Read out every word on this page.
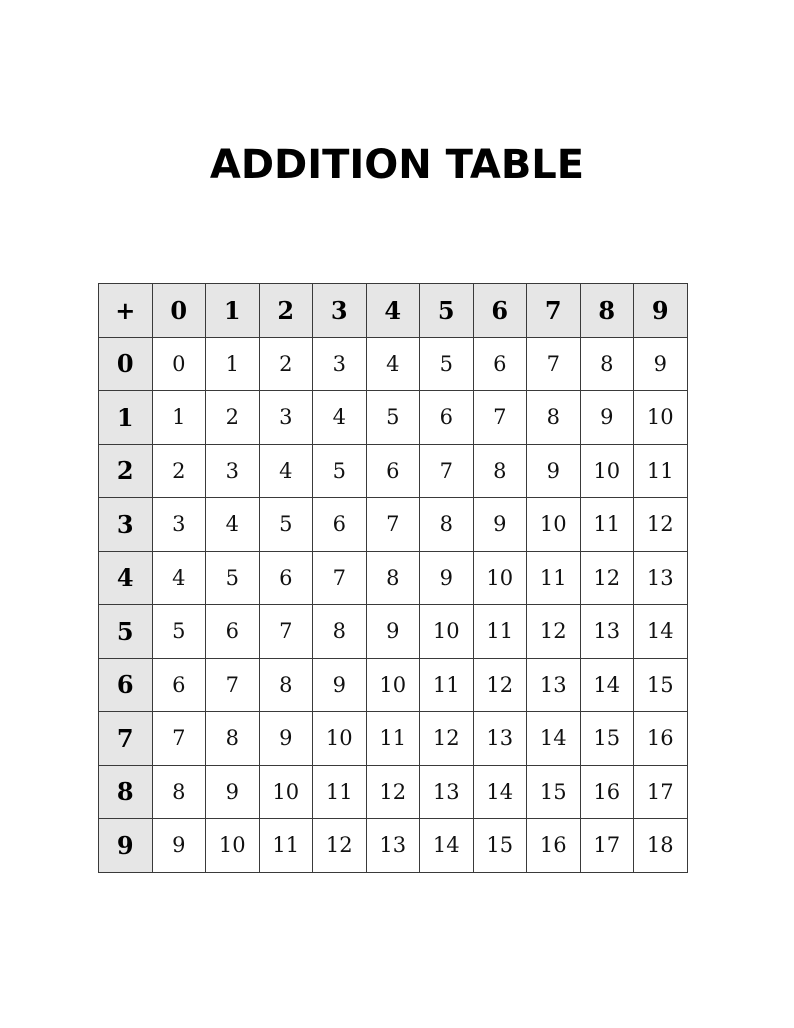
ADDITION TABLE
+	0	1	2	3	4	5	6	7	8	9
0	0	1	2	3	4	5	6	7	8	9
1	1	2	3	4	5	6	7	8	9	10
2	2	3	4	5	6	7	8	9	10	11
3	3	4	5	6	7	8	9	10	11	12
4	4	5	6	7	8	9	10	11	12	13
5	5	6	7	8	9	10	11	12	13	14
6	6	7	8	9	10	11	12	13	14	15
7	7	8	9	10	11	12	13	14	15	16
8	8	9	10	11	12	13	14	15	16	17
9	9	10	11	12	13	14	15	16	17	18
